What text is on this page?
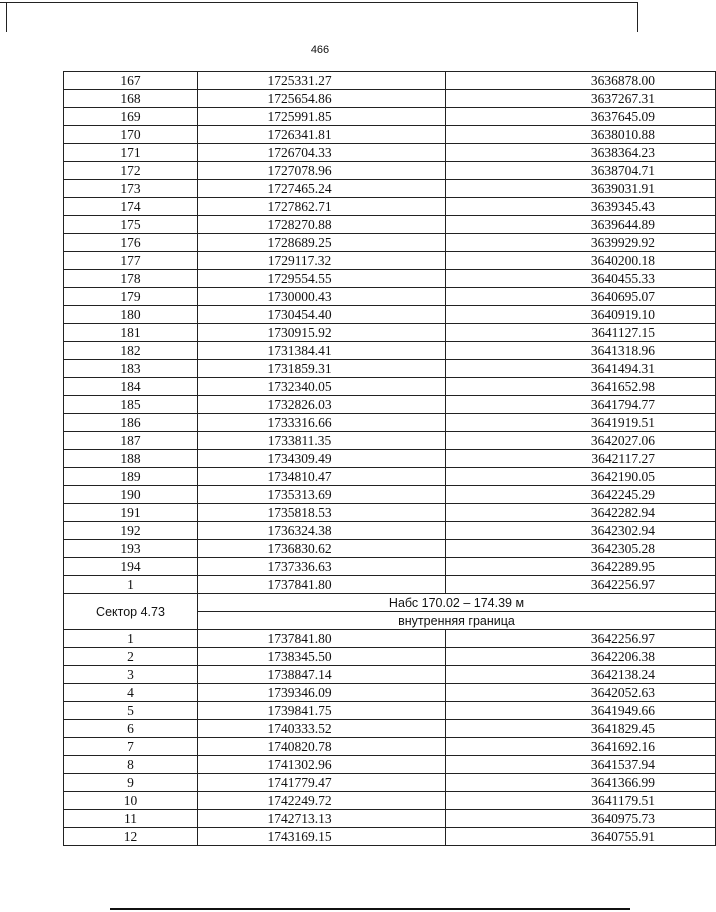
466
167	1725331.27	3636878.00
168	1725654.86	3637267.31
169	1725991.85	3637645.09
170	1726341.81	3638010.88
171	1726704.33	3638364.23
172	1727078.96	3638704.71
173	1727465.24	3639031.91
174	1727862.71	3639345.43
175	1728270.88	3639644.89
176	1728689.25	3639929.92
177	1729117.32	3640200.18
178	1729554.55	3640455.33
179	1730000.43	3640695.07
180	1730454.40	3640919.10
181	1730915.92	3641127.15
182	1731384.41	3641318.96
183	1731859.31	3641494.31
184	1732340.05	3641652.98
185	1732826.03	3641794.77
186	1733316.66	3641919.51
187	1733811.35	3642027.06
188	1734309.49	3642117.27
189	1734810.47	3642190.05
190	1735313.69	3642245.29
191	1735818.53	3642282.94
192	1736324.38	3642302.94
193	1736830.62	3642305.28
194	1737336.63	3642289.95
1	1737841.80	3642256.97
Сектор 4.73	Набс 170.02 – 174.39 м	
	внутренняя граница	
1	1737841.80	3642256.97
2	1738345.50	3642206.38
3	1738847.14	3642138.24
4	1739346.09	3642052.63
5	1739841.75	3641949.66
6	1740333.52	3641829.45
7	1740820.78	3641692.16
8	1741302.96	3641537.94
9	1741779.47	3641366.99
10	1742249.72	3641179.51
11	1742713.13	3640975.73
12	1743169.15	3640755.91
